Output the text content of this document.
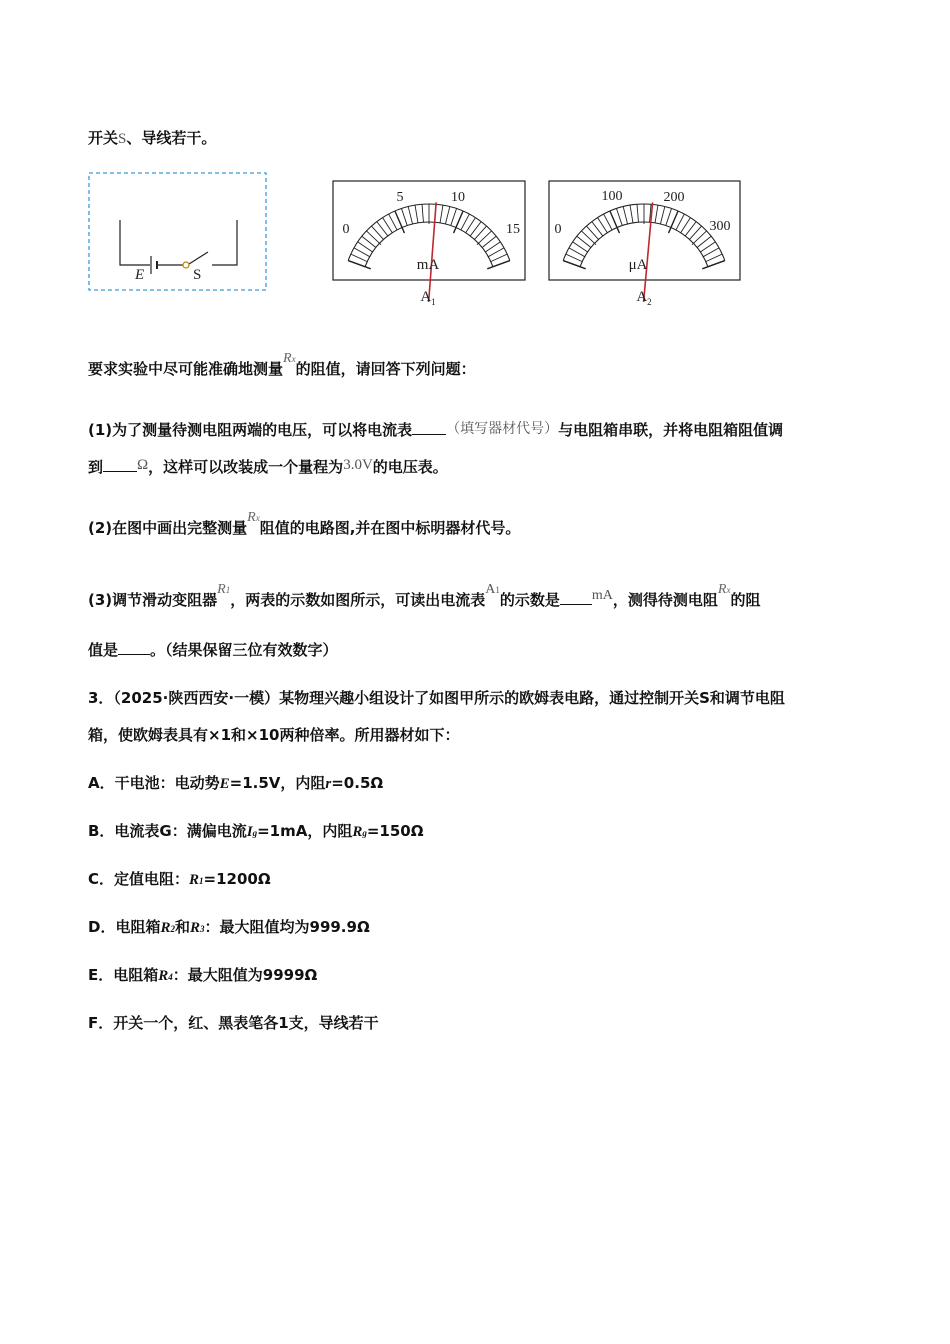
开关S、导线若干。
E	S
0
5	10
15
mA
$A_1$
0
100	200
300
μA
$A_2$
要求实验中尽可能准确地测量Rx的阻值，请回答下列问题：
(1)为了测量待测电阻两端的电压，可以将电流表 （填写器材代号）与电阻箱串联，并将电阻箱阻值调
到 Ω，这样可以改装成一个量程为3.0V的电压表。
(2)在图中画出完整测量Rx阻值的电路图,并在图中标明器材代号。
(3)调节滑动变阻器R1，两表的示数如图所示，可读出电流表A1的示数是 mA，测得待测电阻Rx的阻
值是 。（结果保留三位有效数字）
3．（2025·陕西西安·一模）某物理兴趣小组设计了如图甲所示的欧姆表电路，通过控制开关S和调节电阻
箱，使欧姆表具有×1和×10两种倍率。所用器材如下：
A．干电池：电动势E=1.5V，内阻r=0.5Ω
B．电流表G：满偏电流Ig=1mA，内阻Rg=150Ω
C．定值电阻：R1=1200Ω
D．电阻箱R2和R3：最大阻值均为999.9Ω
E．电阻箱R4：最大阻值为9999Ω
F．开关一个，红、黑表笔各1支，导线若干
